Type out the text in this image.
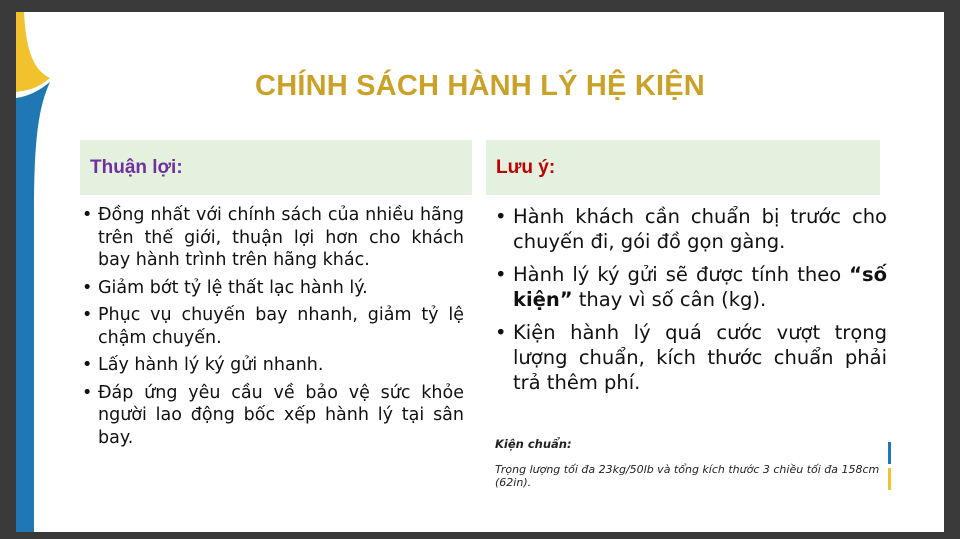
CHÍNH SÁCH HÀNH LÝ HỆ KIỆN
Thuận lợi:	Lưu ý:
• Đồng nhất với chính sách của nhiều hãng trên thế giới, thuận lợi hơn cho khách bay hành trình trên hãng khác.
• Giảm bớt tỷ lệ thất lạc hành lý.
• Phục vụ chuyến bay nhanh, giảm tỷ lệ chậm chuyến.
• Lấy hành lý ký gửi nhanh.
• Đáp ứng yêu cầu về bảo vệ sức khỏe người lao động bốc xếp hành lý tại sân bay.
• Hành khách cần chuẩn bị trước cho chuyến đi, gói đồ gọn gàng.
• Hành lý ký gửi sẽ được tính theo “số kiện” thay vì số cân (kg).
• Kiện hành lý quá cước vượt trọng lượng chuẩn, kích thước chuẩn phải trả thêm phí.
Kiện chuẩn:
Trọng lượng tối đa 23kg/50lb và tổng kích thước 3 chiều tối đa 158cm (62in).
